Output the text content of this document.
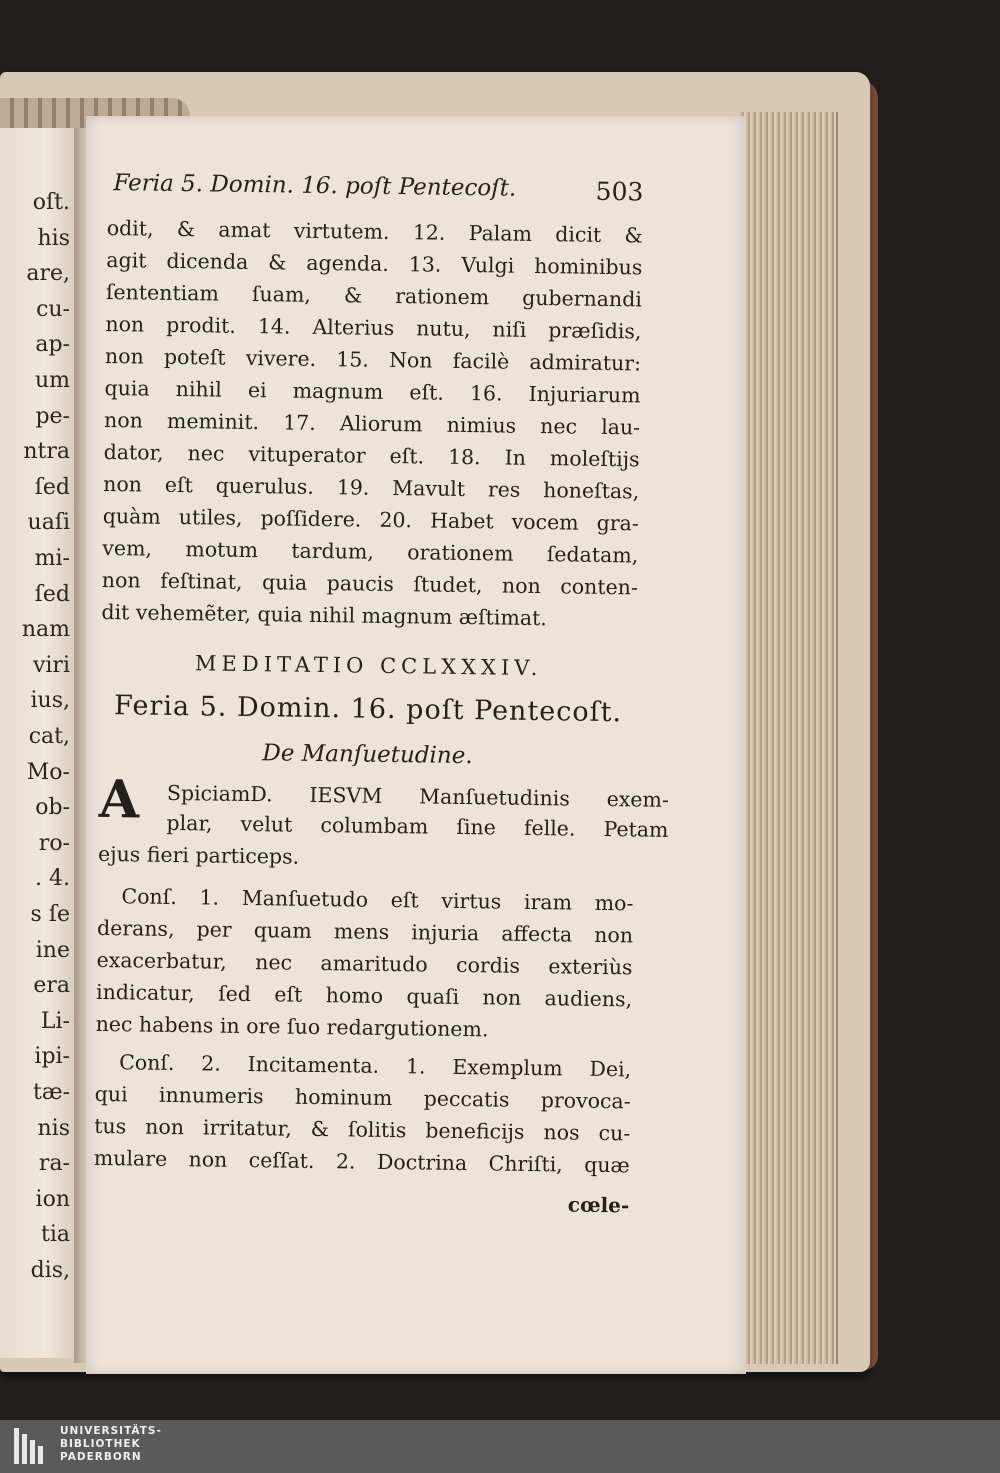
oſt.
his
are,
cu-
ap-
um
pe-
ntra
ſed
uaſi
mi-
ſed
nam
viri
ius,
cat,
Mo-
ob-
ro-
. 4.
s ſe
ine
era
Li-
ipi-
tæ-
nis
ra-
ion
tia
dis,
Feria 5. Domin. 16. poſt Pentecoſt.	503
odit, & amat virtutem. 12. Palam dicit &
agit dicenda & agenda. 13. Vulgi hominibus
ſententiam ſuam, & rationem gubernandi
non prodit. 14. Alterius nutu, niſi præſidis,
non poteſt vivere. 15. Non facilè admiratur:
quia nihil ei magnum eſt. 16. Injuriarum
non meminit. 17. Aliorum nimius nec lau-
dator, nec vituperator eſt. 18. In moleſtijs
non eſt querulus. 19. Mavult res honeſtas,
quàm utiles, poſſidere. 20. Habet vocem gra-
vem, motum tardum, orationem ſedatam,
non feſtinat, quia paucis ſtudet, non conten-
dit vehemẽter, quia nihil magnum æſtimat.
MEDITATIO CCLXXXIV.
Feria 5. Domin. 16. poſt Pentecoſt.
De Manſuetudine.
A	SpiciamD. IESVM Manſuetudinis exem-
plar, velut columbam ſine felle. Petam
ejus fieri particeps.
Conſ. 1. Manſuetudo eſt virtus iram mo-
derans, per quam mens injuria affecta non
exacerbatur, nec amaritudo cordis exteriùs
indicatur, ſed eſt homo quaſi non audiens,
nec habens in ore ſuo redargutionem.
Conſ. 2. Incitamenta. 1. Exemplum Dei,
qui innumeris hominum peccatis provoca-
tus non irritatur, & ſolitis beneficijs nos cu-
mulare non ceſſat. 2. Doctrina Chriſti, quæ
cœle-
UNIVERSITÄTS-
BIBLIOTHEK
PADERBORN
